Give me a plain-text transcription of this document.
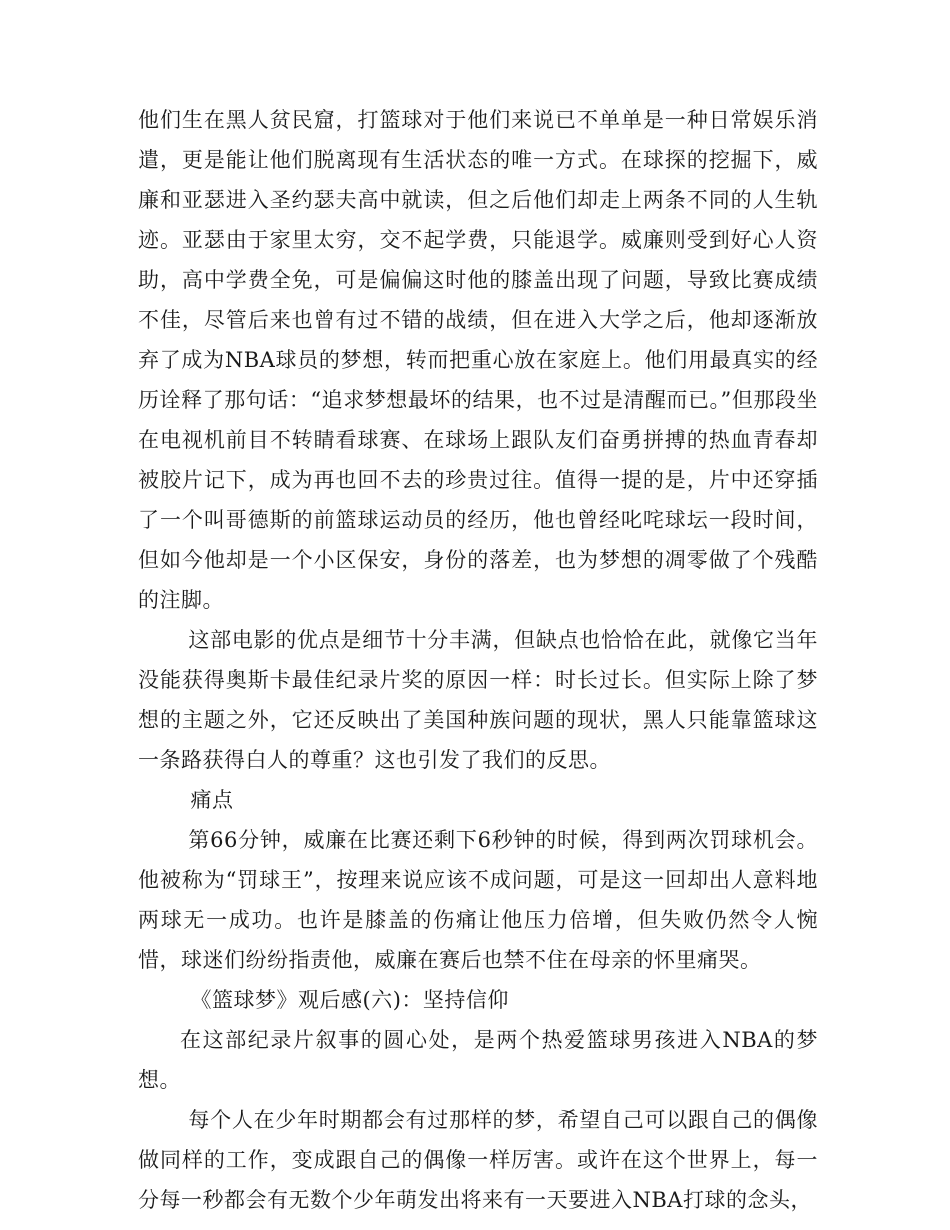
他们生在黑人贫民窟，打篮球对于他们来说已不单单是一种日常娱乐消遣，更是能让他们脱离现有生活状态的唯一方式。在球探的挖掘下，威廉和亚瑟进入圣约瑟夫高中就读，但之后他们却走上两条不同的人生轨迹。亚瑟由于家里太穷，交不起学费，只能退学。威廉则受到好心人资助，高中学费全免，可是偏偏这时他的膝盖出现了问题，导致比赛成绩不佳，尽管后来也曾有过不错的战绩，但在进入大学之后，他却逐渐放弃了成为NBA球员的梦想，转而把重心放在家庭上。他们用最真实的经历诠释了那句话：“追求梦想最坏的结果，也不过是清醒而已。”但那段坐在电视机前目不转睛看球赛、在球场上跟队友们奋勇拼搏的热血青春却被胶片记下，成为再也回不去的珍贵过往。值得一提的是，片中还穿插了一个叫哥德斯的前篮球运动员的经历，他也曾经叱咤球坛一段时间，但如今他却是一个小区保安，身份的落差，也为梦想的凋零做了个残酷的注脚。

这部电影的优点是细节十分丰满，但缺点也恰恰在此，就像它当年没能获得奥斯卡最佳纪录片奖的原因一样：时长过长。但实际上除了梦想的主题之外，它还反映出了美国种族问题的现状，黑人只能靠篮球这一条路获得白人的尊重？这也引发了我们的反思。

痛点

第66分钟，威廉在比赛还剩下6秒钟的时候，得到两次罚球机会。他被称为“罚球王”，按理来说应该不成问题，可是这一回却出人意料地两球无一成功。也许是膝盖的伤痛让他压力倍增，但失败仍然令人惋惜，球迷们纷纷指责他，威廉在赛后也禁不住在母亲的怀里痛哭。

《篮球梦》观后感(六)：坚持信仰

在这部纪录片叙事的圆心处，是两个热爱篮球男孩进入NBA的梦想。

每个人在少年时期都会有过那样的梦，希望自己可以跟自己的偶像做同样的工作，变成跟自己的偶像一样厉害。或许在这个世界上，每一分每一秒都会有无数个少年萌发出将来有一天要进入NBA打球的念头，
